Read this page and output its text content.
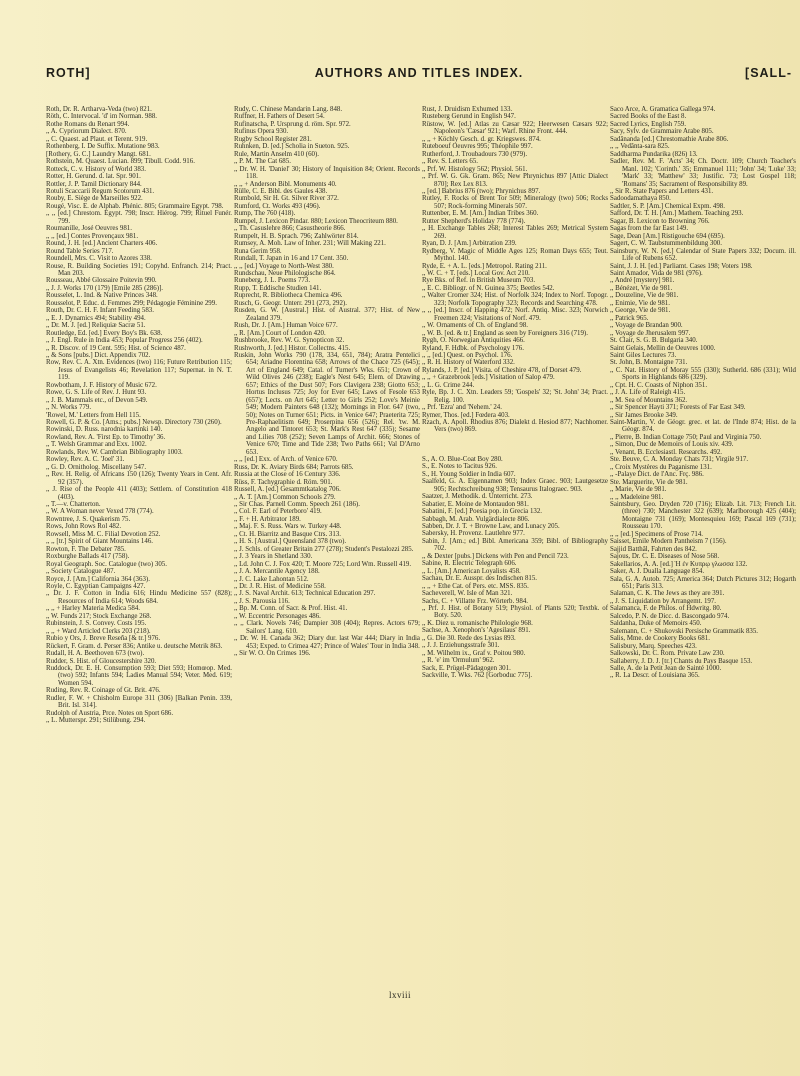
ROTH]	AUTHORS AND TITLES INDEX.	[SALL-
Roth, Dr. R. Artharva-Veda (two) 821.
Röth, C. Intervocal. 'd' im Norman. 988.
Rothe Romans du Renart 994.
,, A. Cypriorum Dialect. 870.
,, C. Quaest. ad Plaut. et Terent. 919.
Rothenberg, I. De Suffix. Mutatione 983.
[Rothery, G. C.] Laundry Mangt. 681.
Rothstein, M. Quaest. Lucian. 899; Tibull. Codd. 916.
Rotteck, C. v. History of World 383.
Rotter, H. Gerund. d. lat. Spr. 901.
Rottler, J. P. Tamil Dictionary 844.
Rotuli Scaccarii Regum Scotorum 431.
Rouby, E. Siège de Marseilles 922.
Rougé, Visc. E. de Alphab. Phénic. 805; Grammaire Egypt. 798.
,, ,, [ed.] Chrestom. Egypt. 798; Inscr. Hiérog. 799; Rituel Funér. 799.
Roumanille, José Oeuvres 981.
,, ,, [ed.] Contes Provençaux 981.
Round, J. H. [ed.] Ancient Charters 406.
Round Table Series 717.
Roundell, Mrs. C. Visit to Azores 338.
Rouse, R. Building Societies 191; Copyhd. Enfranch. 214; Pract. Man 203.
Rousseau, Abbé Glossaire Poitevin 990.
,, J. J. Works 170 (179) [Emile 285 (286)].
Rousselet, L. Ind. & Native Princes 348.
Rousselot, P. Educ. d. Femmes 299; Pédagogie Féminine 299.
Routh, Dr. C. H. F. Infant Feeding 583.
,, E. J. Dynamics 494; Stability 494.
,, Dr. M. J. [ed.] Reliquiæ Sacræ 51.
Routledge, Ed. [ed.] Every Boy's Bk. 638.
,, J. Engl. Rule in India 453; Popular Progress 256 (402).
,, R. Discov. of 19 Cent. 595; Hist. of Science 487.
,, & Sons [pubs.] Dict. Appendix 702.
Row, Rev. C. A. Xtn. Evidences (two) 116; Future Retribution 115; Jesus of Evangelists 46; Revelation 117; Supernat. in N. T. 119.
Rowbotham, J. F. History of Music 672.
Rowe, G. S. Life of Rev. J. Hunt 93.
,, J. B. Mammals etc., of Devon 549.
,, N. Works 779.
'Rowel, M.' Letters from Hell 115.
Rowell, G. P. & Co. [Ams.; pubs.] Newsp. Directory 730 (260).
Rowinski, D. Russ. narodnia kartinki 140.
Rowland, Rev. A. 'First Ep. to Timothy' 36.
,, T. Welsh Grammar and Exx. 1002.
Rowlands, Rev. W. Cambrian Bibliography 1003.
Rowley, Rev. A. C. 'Joel' 31.
,, G. D. Ornitholog. Miscellany 547.
,, Rev. H. Relig. of Africans 150 (126); Twenty Years in Cent. Afr. 92 (357).
,, J. Rise of the People 411 (403); Settlem. of Constitution 418 (403).
,, T.—v. Chatterton.
,, W. A Woman never Vexed 778 (774).
Rowntree, J. S. Quakerism 75.
Rows, John Rows Rol 482.
Rowsell, Miss M. C. Filial Devotion 252.
,, ,, [tr.] Spirit of Giant Mountains 146.
Rowton, F. The Debater 785.
Roxburghe Ballads 417 (758).
Royal Geograph. Soc. Catalogue (two) 305.
,, Society Catalogue 487.
Royce, J. [Am.] California 364 (363).
Royle, C. Egyptian Campaigns 427.
,, Dr. J. F. Cotton in India 616; Hindu Medicine 557 (828); Resources of India 614; Woods 684.
,, ,, + Harley Materia Medica 584.
,, W. Funds 217; Stock Exchange 268.
Rubinstein, J. S. Convey. Costs 195.
,, ,, + Ward Articled Clerks 203 (218).
Rubio y Ors, J. Breve Reseña [& tr.] 976.
Rückert, F. Gram. d. Perser 836; Antike u. deutsche Metrik 863.
Rudall, H. A. Beethoven 673 (two).
Rudder, S. Hist. of Gloucestershire 320.
Ruddock, Dr. E. H. Consumption 593; Diet 593; Homœop. Med. (two) 592; Infants 594; Ladies Manual 594; Veter. Med. 619; Women 594.
Ruding, Rev. R. Coinage of Gt. Brit. 476.
Rudler, F. W. + Chisholm Europe 311 (306) [Balkan Penin. 339, Brit. Isl. 314].
Rudolph of Austria, Prce. Notes on Sport 686.
,, L. Mutterspr. 291; Stilübung. 294.
Rudy, C. Chinese Mandarin Lang. 848.
Ruffner, H. Fathers of Desert 54.
Rufinatscha, P. Ursprung d. röm. Spr. 972.
Rufinus Opera 930.
Rugby School Register 281.
Ruhnken, D. [ed.] Scholia in Sueton. 925.
Rule, Martin Anselm 410 (60).
,, P. M. The Cat 685.
,, Dr. W. H. 'Daniel' 30; History of Inquisition 84; Orient. Records 118.
,, ,, + Anderson Bibl. Monuments 40.
Rülle, C. E. Bibl. des Gaules 438.
Rumbold, Sir H. Gt. Silver River 372.
Rumford, Ct. Works 493 (496).
Rump, The 760 (418).
Rumpel, J. Lexicon Pindar. 880; Lexicon Theocriteum 880.
,, Th. Casuslehre 866; Casustheorie 866.
Rumpelt, H. B. Sprach. 796; Zahlwörter 814.
Rumsey, A. Moh. Law of Inher. 231; Will Making 221.
Runa Gerim 958.
Rundall, T. Japan in 16 and 17 Cent. 350.
,, ,, [ed.] Voyage to North-West 380.
Rundschau, Neue Philologische 864.
Runeberg, J. L. Poems 773.
Rupp, T. Eddische Studien 141.
Ruprecht, R. Bibliotheca Chemica 496.
Rusch, G. Geogr. Unterr. 291 (273, 292).
Rusden, G. W. [Austral.] Hist. of Austral. 377; Hist. of New Zealand 379.
Rush, Dr. J. [Am.] Human Voice 677.
,, R. [Am.] Court of London 420.
Rushbrooke, Rev. W. G. Synopticon 32.
Rushworth, J. [ed.] Histor. Collectns. 415.
Ruskin, John Works 790 (178, 334, 651, 784); Aratra Pentelici 654; Ariadne Florentina 658; Arrows of the Chace 725 (645); Art of England 649; Catal. of Turner's Wks. 651; Crown of Wild Olives 246 (238); Eagle's Nest 645; Elem. of Drawing 657; Ethics of the Dust 507; Fors Clavigera 238; Giotto 653; Hortus Inclusus 725; Joy for Ever 645; Laws of Fesole 653 (657); Lects. on Art 645; Letter to Girls 252; Love's Meinie 549; Modern Painters 648 (132); Mornings in Flor. 647 (two, 50); Notes on Turner 651; Picts. in Venice 647; Praeterita 725; Pre-Raphaelitism 649; Proserpina 656 (526); Rel. 'tw. M. Angelo and Tintoret 653; St. Mark's Rest 647 (335); Sesame and Lilies 708 (252); Seven Lamps of Archit. 666; Stones of Venice 670; Time and Tide 238; Two Paths 661; Val D'Arno 653.
,, ,, [ed.] Exx. of Arch. of Venice 670.
Russ, Dr. K. Aviary Birds 684; Parrots 685.
Russia at the Close of 16 Century 336.
Rüss, F. Tachygraphie d. Röm. 901.
Russell, A. [ed.] Gesammtkatalog 706.
,, A. T. [Am.] Common Schools 279.
,, Sir Chas. Parnell Comm. Speech 261 (186).
,, Col. F. Earl of Peterboro' 419.
,, F. + H. Arbitrator 189.
,, Maj. F. S. Russ. Wars w. Turkey 448.
,, Ct. H. Biarritz and Basque Ctrs. 313.
,, H. S. [Austral.] Queensland 378 (two).
,, J. Schls. of Greater Britain 277 (278); Student's Pestalozzi 285.
,, J. 3 Years in Shetland 330.
,, Ld. John C. J. Fox 420; T. Moore 725; Lord Wm. Russell 419.
,, J. A. Mercantile Agency 188.
,, J. C. Lake Lahontan 512.
,, Dr. J. R. Hist. of Medicine 558.
,, J. S. Naval Archit. 613; Technical Education 297.
,, J. S. Parousia 116.
,, Bp. M. Conn. of Sacr. & Prof. Hist. 41.
,, W. Eccentric Personages 486.
,, ,, Clark. Novels 746; Dampier 308 (404); Repres. Actors 679; Sailors' Lang. 610.
,, Dr. W. H. Canada 362; Diary dur. last War 444; Diary in India 453; Exped. to Crimea 427; Prince of Wales' Tour in India 348.
,, Sir W. O. On Crimes 196.
Rust, J. Druidism Exhumed 133.
Rusteberg Gerund in English 947.
Rüstow, W. [ed.] Atlas zu Cæsar 922; Heerwesen Cæsars 922; Napoleon's 'Cæsar' 921; Warf. Rhine Front. 444.
,, ,, + Köchly Gesch. d. gr. Kriegswes. 874.
Ruteboeuf Oeuvres 995; Théophile 997.
Rutherford, J. Troubadours 730 (979).
,, Rev. S. Letters 65.
,, Prf. W. Histology 562; Physiol. 561.
,, Prf. W. G. Gk. Gram. 865; New Phrynichus 897 [Attic Dialect 870]; Rex Lex 813.
,, [ed.] Babrius 876 (two); Phrynichus 897.
Rutley, F. Rocks of Brent Tor 509; Mineralogy (two) 506; Rocks 507; Rock-forming Minerals 507.
Ruttenber, E. M. [Am.] Indian Tribes 360.
Rutter Shepherd's Holiday 778 (774).
,, H. Exchange Tables 268; Interest Tables 269; Metrical System 269.
Ryan, D. J. [Am.] Arbitration 239.
Rydberg, V. Magic of Middle Ages 125; Roman Days 655; Teut. Mythol. 140.
Ryde, E. + A. L. [eds.] Metropol. Rating 211.
,, W. C. + T. [eds.] Local Gov. Act 210.
Rye Bks. of Ref. in British Museum 703.
,, E. C. Bibliogr. of N. Guinea 375; Beetles 542.
,, Walter Cromer 324; Hist. of Norfolk 324; Index to Norf. Topogr. 323; Norfolk Topography 323; Records and Searching 478.
,, ,, [ed.] Inscr. of Happing 472; Norf. Antiq. Misc. 323; Norwich Freemen 324; Visitations of Norf. 479.
,, W. Ornaments of Ch. of England 98.
,, W. B. [ed. & tr.] England as seen by Foreigners 316 (719).
Rygh, O. Norwegian Antiquities 466.
Ryland, F. Hdbk. of Psychology 176.
,, ,, [ed.] Quest. on Psychol. 176.
,, R. H. History of Waterford 332.
Rylands, J. P. [ed.] Visita. of Cheshire 478, of Dorset 479.
,, ,, + Grazebrook [eds.] Visitation of Salop 479.
,, L. G. Crime 244.
Ryle, Bp. J. C. Xtn. Leaders 59; 'Gospels' 32; 'St. John' 34; Pract. Relig. 100.
,, Prf. 'Ezra' and 'Nehem.' 24.
Rymer, Thos. [ed.] Fœdera 403.
Rzach, A. Apoll. Rhodius 876; Dialekt d. Hesiod 877; Nachhomer. Vers (two) 869.
S., A. O. Blue-Coat Boy 280.
S., E. Notes to Tacitus 926.
S., H. Young Soldier in India 607.
Saalfeld, G. A. Eigennamen 903; Index Graec. 903; Lautgesetze 905; Rechtschreibung 938; Tensaurus Italograec. 903.
Saatzer, J. Methodik. d. Unterricht. 273.
Sabatier, E. Moine de Montaudon 981.
Sabatini, F. [ed.] Poesia pop. in Grecia 132.
Sabbagh, M. Arab. Vulgärdialecte 806.
Sabben, Dr. J. T. + Browne Law, and Lunacy 205.
Sabersky, H. Provenz. Lautlehre 977.
Sabin, J. [Am.; ed.] Bibl. Americana 359; Bibl. of Bibliography 702.
,, & Dexter [pubs.] Dickens with Pen and Pencil 723.
Sabine, R. Electric Telegraph 606.
,, L. [Am.] American Loyalists 458.
Sachau, Dr. E. Ausspr. des Indischen 815.
,, ,, + Ethe Cat. of Pers. etc. MSS. 835.
Sacheverell, W. Isle of Man 321.
Sachs, C. + Villatte Frz. Wörterb. 984.
,, Prf. J. Hist. of Botany 519; Physiol. of Plants 520; Textbk. of Boty. 520.
,, K. Diez u. romanische Philologie 968.
Sachse, A. Xenophon's 'Agesilaus' 891.
,, G. Die 30. Rede des Lysias 893.
,, J. J. Erziehungsstrafe 301.
,, M. Wilhelm ix., Graf v. Poitou 980.
,, R. 'e' im 'Ormulum' 962.
Sack, E. Prügel-Pädagogen 301.
Sackville, T. Wks. 762 [Gorboduc 775].
Saco Arce, A. Gramatica Gallega 974.
Sacred Books of the East 8.
Sacred Lyrics, English 759.
Sacy, Sylv. de Grammaire Arabe 805.
Sadânanda [ed.] Chrestomathie Arabe 806.
,, ,, Vedânta-sara 825.
Saddharma Pundarika (826) 13.
Sadler, Rev. M. F. 'Acts' 34; Ch. Doctr. 109; Church Teacher's Manl. 102; 'Corinth.' 35; Emmanuel 111; 'John' 34; 'Luke' 33; 'Mark' 33; 'Matthew' 33; Justific. 73; Lost Gospel 118; 'Romans' 35; Sacrament of Responsibility 89.
,, Sir R. State Papers and Letters 431.
Sadoodamathaya 850.
Sadtler, S. P. [Am.] Chemical Expm. 498.
Safford, Dr. T. H. [Am.] Mathem. Teaching 293.
Sagar, B. Lexicon to Browning 766.
Sagas from the far East 149.
Sage, Dean [Am.] Ristigouche 694 (695).
Sagert, C. W. Taubstummenbildung 300.
Sainsbury, W. N. [ed.] Calendar of State Papers 332; Docum. ill. Life of Rubens 652.
Saint, J. J. H. [ed.] Parliamt. Cases 198; Voters 198.
Saint Amador, Vida de 981 (976).
,, André [mystery] 981.
,, Bénézet, Vie de 981.
,, Douzeline, Vie de 981.
,, Enimie, Vie de 981.
,, George, Vie de 981.
,, Patrick 965.
,, Voyage de Brandan 900.
,, Voyage de Jherusalem 997.
St. Clair, S. G. B. Bulgaria 340.
Saint Gelais, Mellin de Oeuvres 1000.
Saint Giles Lectures 73.
St. John, B. Montaigne 731.
,, C. Nat. History of Moray 555 (330); Sutherld. 686 (331); Wild Sports in Highlands 686 (329).
,, Cpt. H. C. Coasts of Niphon 351.
,, J. A. Life of Raleigh 415.
,, M. Sea of Mountains 362.
,, Sir Spencer Hayti 371; Forests of Far East 349.
,, Sir James Brooke 349.
Saint-Martin, V. de Géogr. grec. et lat. de l'Inde 874; Hist. de la Géogr. 874.
,, Pierre, B. Indian Cottage 750; Paul and Virginia 750.
,, Simon, Duc de Memoirs of Louis xiv. 439.
,, Venant, B. Ecclesiastl. Researchs. 492.
Ste. Beuve, C. A. Monday Chats 731; Virgile 917.
,, Croix Mystères du Paganisme 131.
,, -Palaye Dict. de l'Anc. Frç. 986.
Ste. Marguerite, Vie de 981.
,, Marie, Vie de 981.
,, ,, Madeleine 981.
Saintsbury, Geo. Dryden 720 (716); Elizab. Lit. 713; French Lit. (three) 730; Manchester 322 (639); Marlborough 425 (404); Montaigne 731 (169); Montesquieu 169; Pascal 169 (731); Rousseau 170.
,, ,, [ed.] Specimens of Prose 714.
Saisset, Emile Modern Pantheism 7 (156).
Sajjid Batthâl, Fahrten des 842.
Sajous, Dr. C. E. Diseases of Nose 568.
Sakellarios, A. A. [ed.] Ἡ ἐν Κυπρῳ γλωσσα 132.
Saker, A. J. Dualla Language 854.
Sala, G. A. Autob. 725; America 364; Dutch Pictures 312; Hogarth 651; Paris 313.
Salaman, C. K. The Jews as they are 391.
,, J. S. Liquidation by Arrangemt. 197.
Salamanca, F. de Philos. of Hdwritg. 80.
Salcedo, P. N. de Dicc. d. Bascongado 974.
Saldanha, Duke of Memoirs 450.
Salemann, C. + Shukovski Persische Grammatik 835.
Salis, Mme. de Cookery Books 681.
Salisbury, Marq. Speeches 423.
Salkowski, Dr. C. Rom. Private Law 230.
Sallaberry, J. D. J. [tr.] Chants du Pays Basque 153.
Salle, A. de la Petit Jean de Sainté 1000.
,, R. La Descr. of Louisiana 365.
lxviii
